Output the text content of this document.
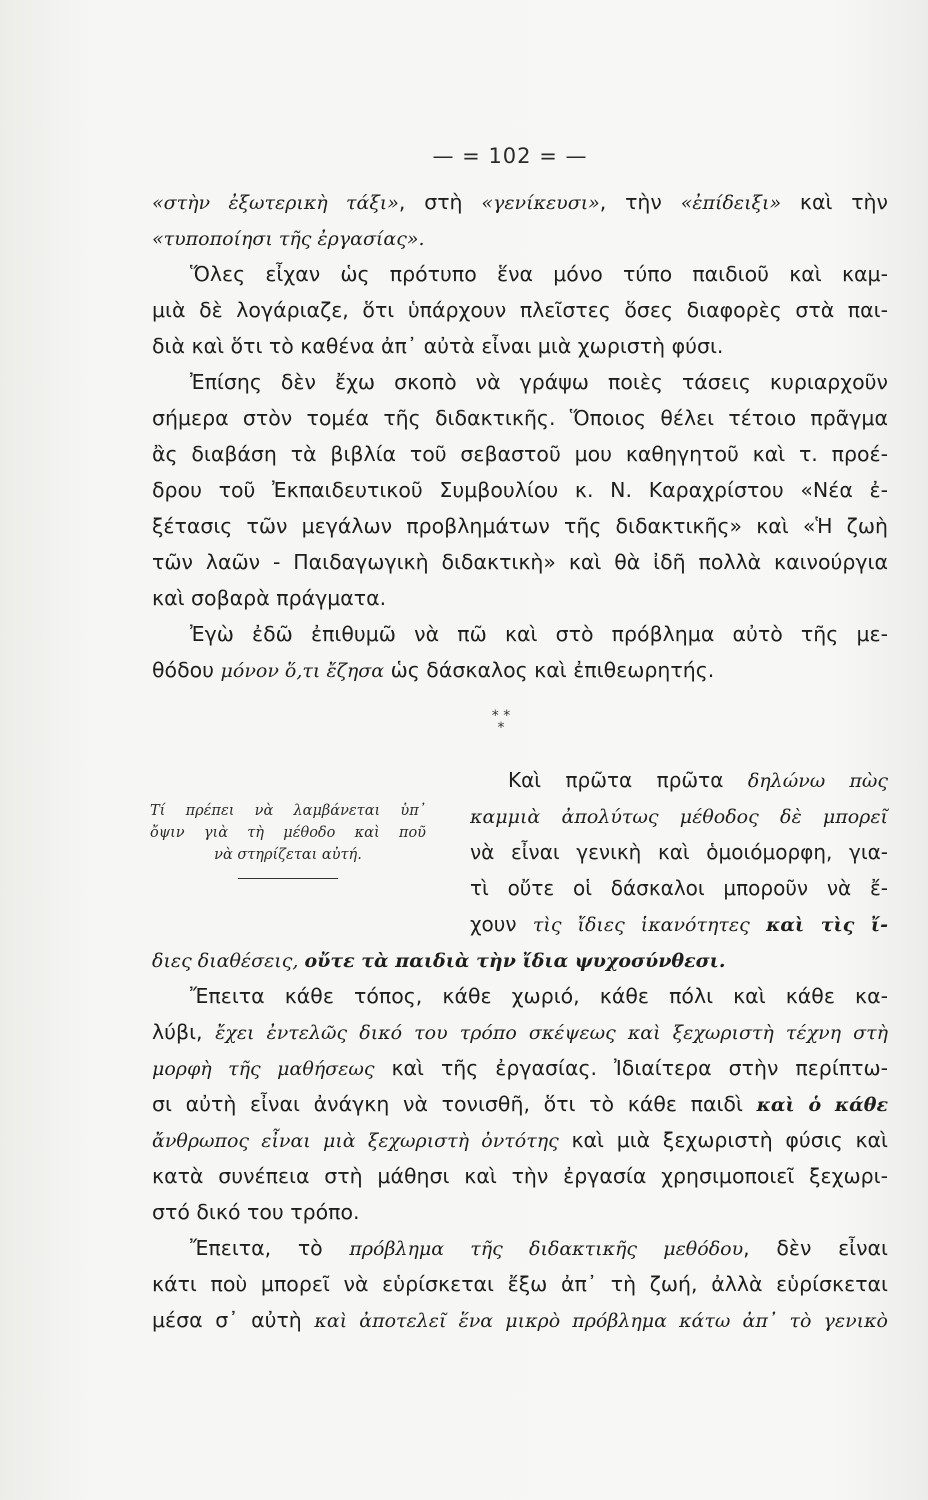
— = 102 = —
«στὴν ἐξωτερικὴ τάξι», στὴ «γενίκευσι», τὴν «ἐπίδειξι» καὶ τὴν
«τυποποίησι τῆς ἐργασίας».
Ὅλες εἶχαν ὡς πρότυπο ἕνα μόνο τύπο παιδιοῦ καὶ καμ-
μιὰ δὲ λογάριαζε, ὅτι ὑπάρχουν πλεῖστες ὅσες διαφορὲς στὰ παι-
διὰ καὶ ὅτι τὸ καθένα ἀπ᾽ αὐτὰ εἶναι μιὰ χωριστὴ φύσι.
Ἐπίσης δὲν ἔχω σκοπὸ νὰ γράψω ποιὲς τάσεις κυριαρχοῦν
σήμερα στὸν τομέα τῆς διδακτικῆς. Ὅποιος θέλει τέτοιο πρᾶγμα
ἂς διαβάση τὰ βιβλία τοῦ σεβαστοῦ μου καθηγητοῦ καὶ τ. προέ-
δρου τοῦ Ἐκπαιδευτικοῦ Συμβουλίου κ. Ν. Καραχρίστου «Νέα ἐ-
ξέτασις τῶν μεγάλων προβλημάτων τῆς διδακτικῆς» καὶ «Ἡ ζωὴ
τῶν λαῶν - Παιδαγωγικὴ διδακτικὴ» καὶ θὰ ἰδῆ πολλὰ καινούργια
καὶ σοβαρὰ πράγματα.
Ἐγὼ ἐδῶ ἐπιθυμῶ νὰ πῶ καὶ στὸ πρόβλημα αὐτὸ τῆς με-
θόδου μόνον ὅ,τι ἔζησα ὡς δάσκαλος καὶ ἐπιθεωρητής.
* *
*
Τί πρέπει νὰ λαμβάνεται ὑπ᾽
ὄψιν γιὰ τὴ μέθοδο καὶ ποῦ
νὰ στηρίζεται αὐτή.
Καὶ πρῶτα πρῶτα δηλώνω πὼς
καμμιὰ ἀπολύτως μέθοδος δὲ μπορεῖ
νὰ εἶναι γενικὴ καὶ ὁμοιόμορφη, για-
τὶ οὔτε οἱ δάσκαλοι μποροῦν νὰ ἔ-
χουν τὶς ἴδιες ἱκανότητες καὶ τὶς ἴ-
διες διαθέσεις, οὔτε τὰ παιδιὰ τὴν ἴδια ψυχοσύνθεσι.
Ἔπειτα κάθε τόπος, κάθε χωριό, κάθε πόλι καὶ κάθε κα-
λύβι, ἔχει ἐντελῶς δικό του τρόπο σκέψεως καὶ ξεχωριστὴ τέχνη στὴ
μορφὴ τῆς μαθήσεως καὶ τῆς ἐργασίας. Ἰδιαίτερα στὴν περίπτω-
σι αὐτὴ εἶναι ἀνάγκη νὰ τονισθῆ, ὅτι τὸ κάθε παιδὶ καὶ ὁ κάθε
ἄνθρωπος εἶναι μιὰ ξεχωριστὴ ὀντότης καὶ μιὰ ξεχωριστὴ φύσις καὶ
κατὰ συνέπεια στὴ μάθησι καὶ τὴν ἐργασία χρησιμοποιεῖ ξεχωρι-
στό δικό του τρόπο.
Ἔπειτα, τὸ πρόβλημα τῆς διδακτικῆς μεθόδου, δὲν εἶναι
κάτι ποὺ μπορεῖ νὰ εὑρίσκεται ἔξω ἀπ᾽ τὴ ζωή, ἀλλὰ εὑρίσκεται
μέσα σ᾽ αὐτὴ καὶ ἀποτελεῖ ἕνα μικρὸ πρόβλημα κάτω ἀπ᾽ τὸ γενικὸ
